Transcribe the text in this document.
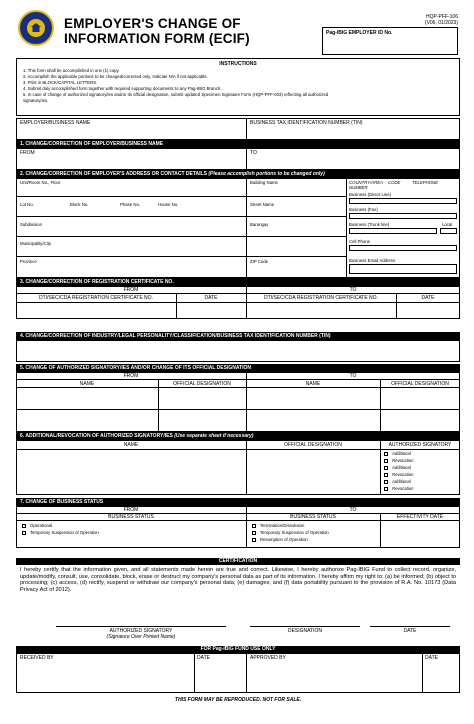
EMPLOYER'S CHANGE OF
INFORMATION FORM (ECIF)
HQP-PFF-106
(V06, 01/2023)
Pag-IBIG EMPLOYER ID No.
INSTRUCTIONS
1. This form shall be accomplished in one (1) copy.
2. Accomplish the applicable portions to be changed/corrected only. Indicate N/A if not applicable.
3. Print in BLOCK/CAPITAL LETTERS.
4. Submit duly accomplished form together with required supporting documents to any Pag-IBIG Branch.
5. In case of change of authorized signatory/ies and/or its official designation, submit updated Specimen Signature Form (HQP-PFF-003) reflecting all authorized
signatory/ies.
EMPLOYER/BUSINESS NAME	BUSINESS TAX IDENTIFICATION NUMBER (TIN)
1. CHANGE/CORRECTION OF EMPLOYER/BUSINESS NAME
FROM	TO
2. CHANGE/CORRECTION OF EMPLOYER'S ADDRESS OR CONTACT DETAILS (Please accomplish portions to be changed only)
Unit/Room No., Floor	Building Name
Lot No.	Block No.	Phase No.	House No.	Street Name
Subdivision	Barangay
Municipality/City
Province	ZIP Code
COUNTRY/AREA CODE	TELEPHONE
NUMBER
Business (Direct Line)
Business (Fax)
Business (Trunk line)	Local
Cell Phone
Business Email Address
3. CHANGE/CORRECTION OF REGISTRATION CERTIFICATE NO.
FROM	TO
DTI/SEC/CDA REGISTRATION CERTIFICATE NO.	DATE	DTI/SEC/CDA REGISTRATION CERTIFICATE NO.	DATE
4. CHANGE/CORRECTION OF INDUSTRY/LEGAL PERSONALITY/CLASSIFICATION/BUSINESS TAX IDENTIFICATION NUMBER (TIN)
5. CHANGE OF AUTHORIZED SIGNATORY/IES AND/OR CHANGE OF ITS OFFICIAL DESIGNATION
FROM	TO
NAME	OFFICIAL DESIGNATION	NAME	OFFICIAL DESIGNATION
6. ADDITIONAL/REVOCATION OF AUTHORIZED SIGNATORY/IES (Use separate sheet if necessary)
NAME	OFFICIAL DESIGNATION	AUTHORIZED SIGNATORY
Additional
Revocation
Additional
Revocation
Additional
Revocation
7. CHANGE OF BUSINESS STATUS
FROM	TO
BUSINESS STATUS	BUSINESS STATUS	EFFECTIVITY DATE
Operational
Temporary Suspension of Operation
Termination/Dissolution
Temporary Suspension of Operation
Resumption of Operation
CERTIFICATION
I hereby certify that the information given, and all statements made herein are true and correct. Likewise, I hereby authorize Pag-IBIG Fund to collect record, organize, update/modify, consult, use, consolidate, block, erase or destruct my company's personal data as part of its information. I hereby affirm my right to: (a) be informed; (b) object to processing; (c) access, (d) rectify, suspend or withdraw our company's personal data; (e) damages; and (f) data portability pursuant to the provision of R.A. No. 10173 (Data Privacy Act of 2012).
AUTHORIZED SIGNATORY
(Signature Over Printed Name)
DESIGNATION	DATE
FOR Pag-IBIG FUND USE ONLY
RECEIVED BY	DATE	APPROVED BY	DATE
THIS FORM MAY BE REPRODUCED. NOT FOR SALE.
